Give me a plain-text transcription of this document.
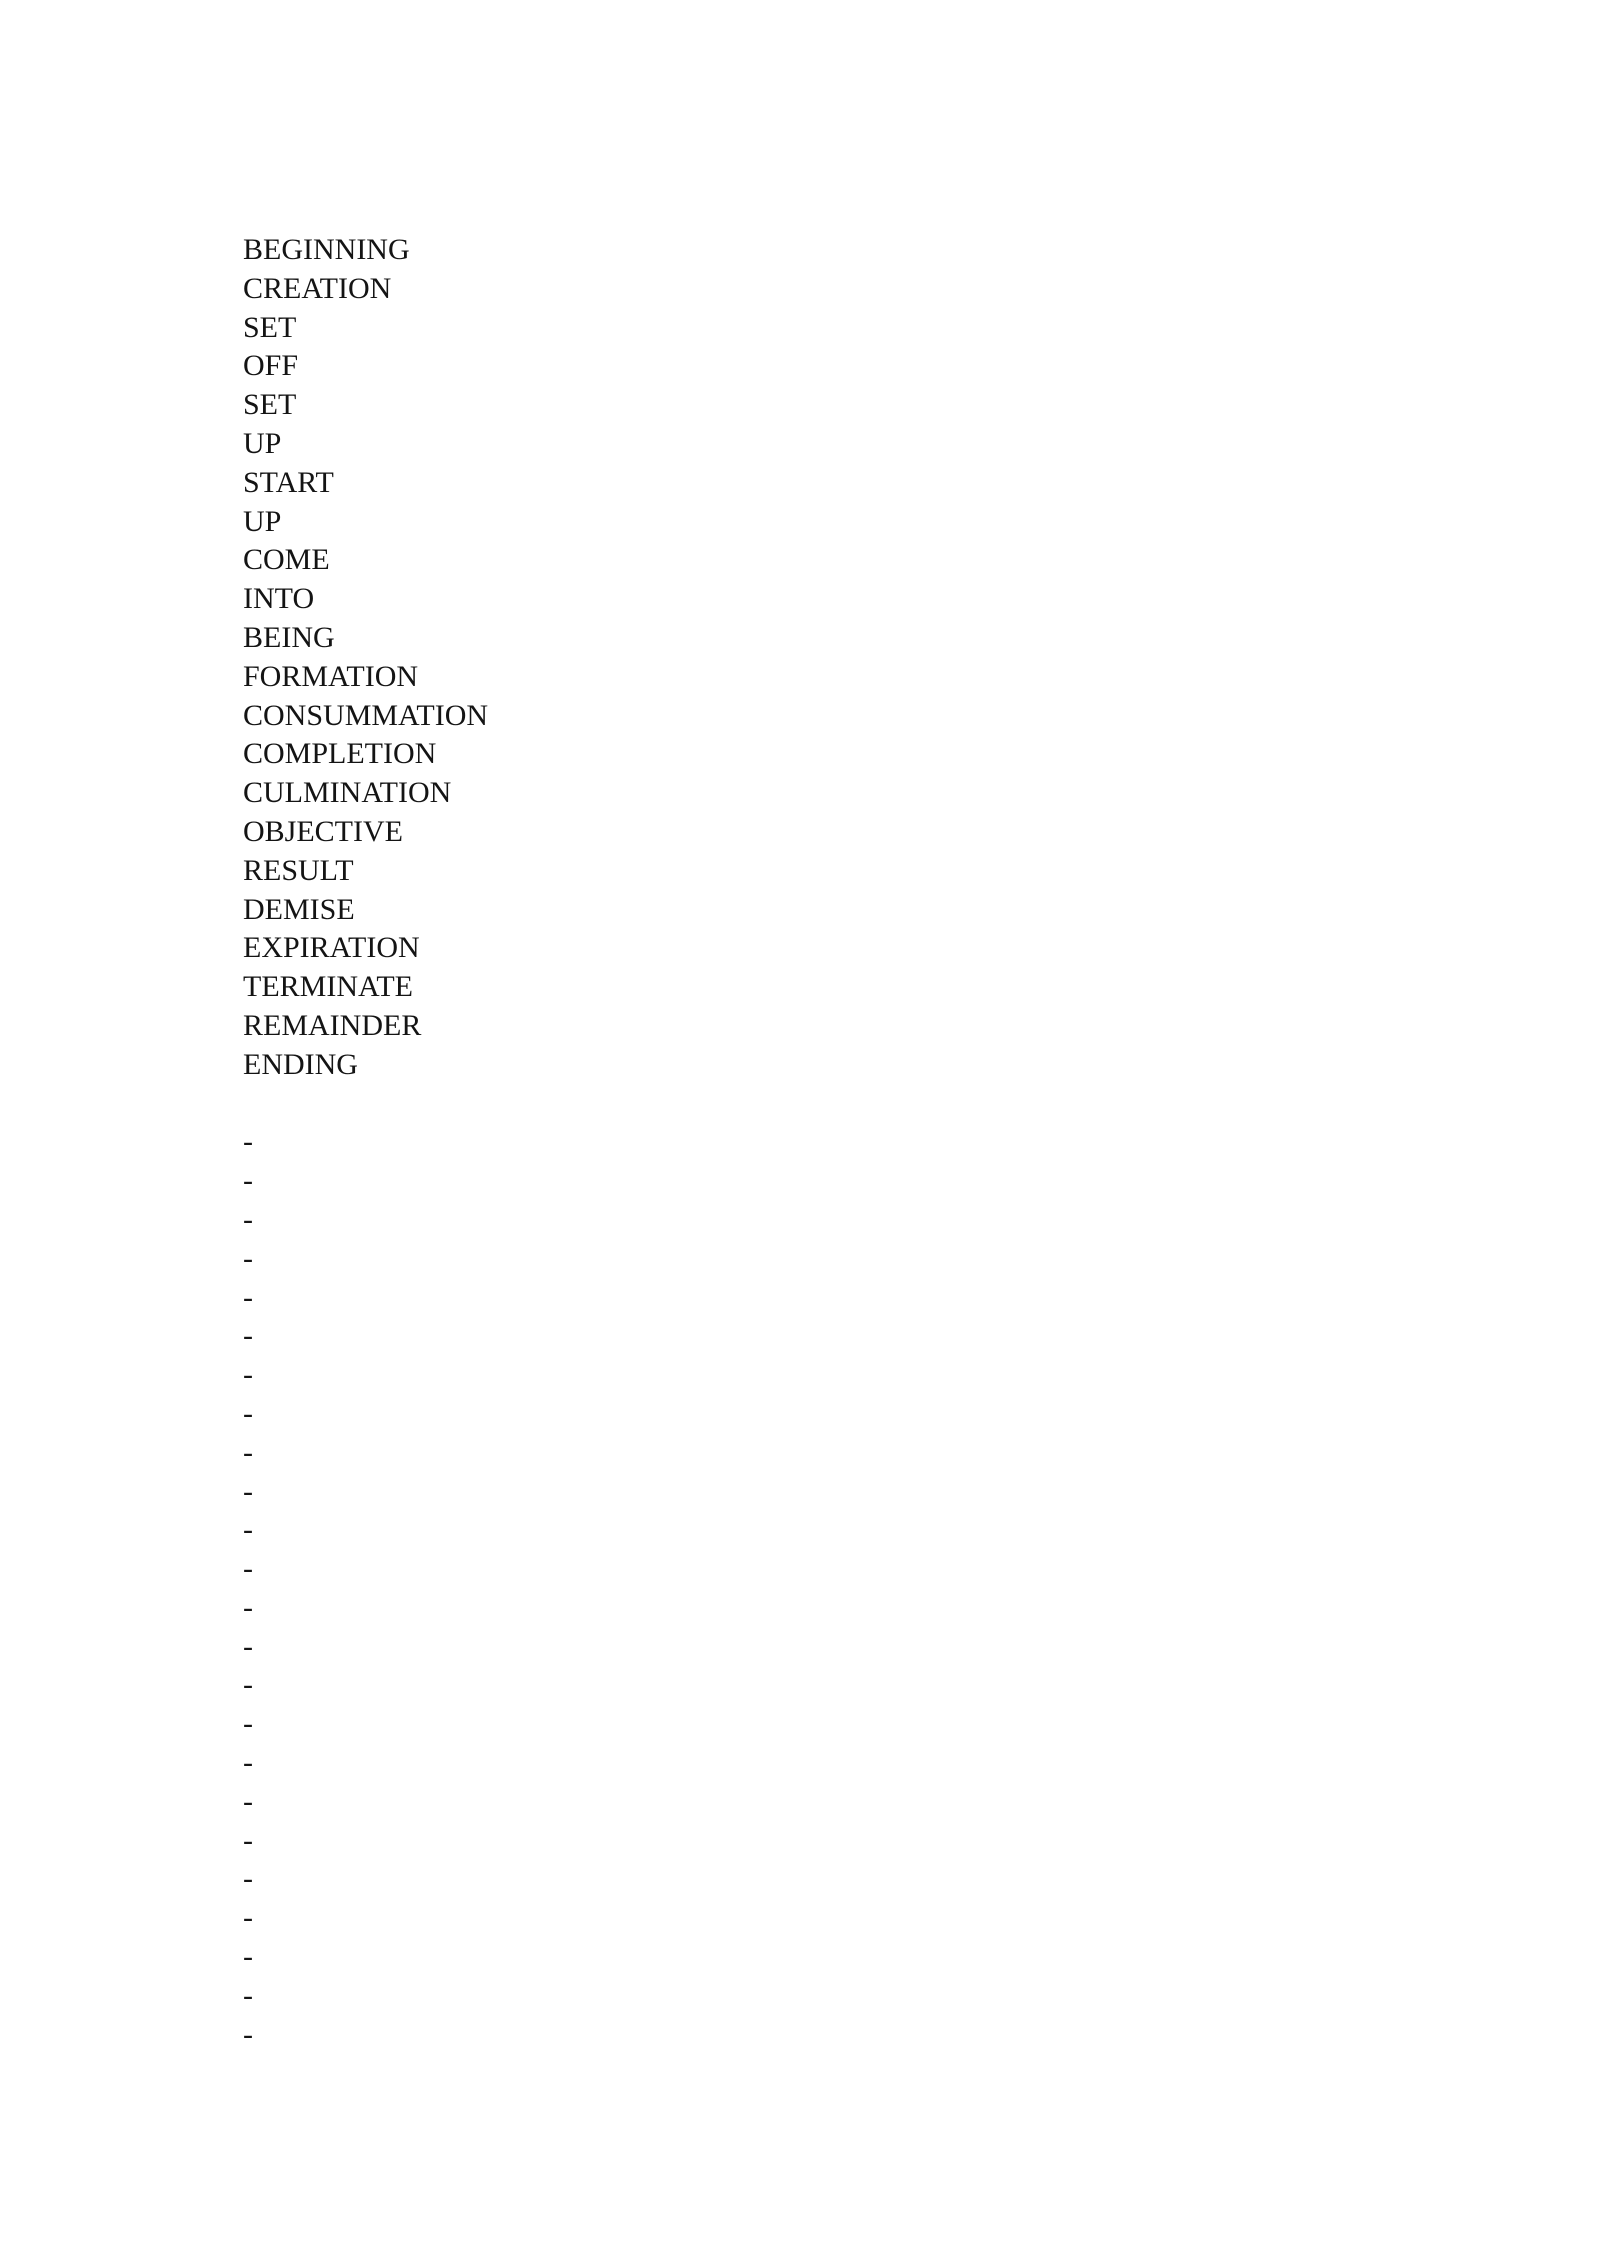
BEGINNING
CREATION
SET
OFF
SET
UP
START
UP
COME
INTO
BEING
FORMATION
CONSUMMATION
COMPLETION
CULMINATION
OBJECTIVE
RESULT
DEMISE
EXPIRATION
TERMINATE
REMAINDER
ENDING
-
-
-
-
-
-
-
-
-
-
-
-
-
-
-
-
-
-
-
-
-
-
-
-
